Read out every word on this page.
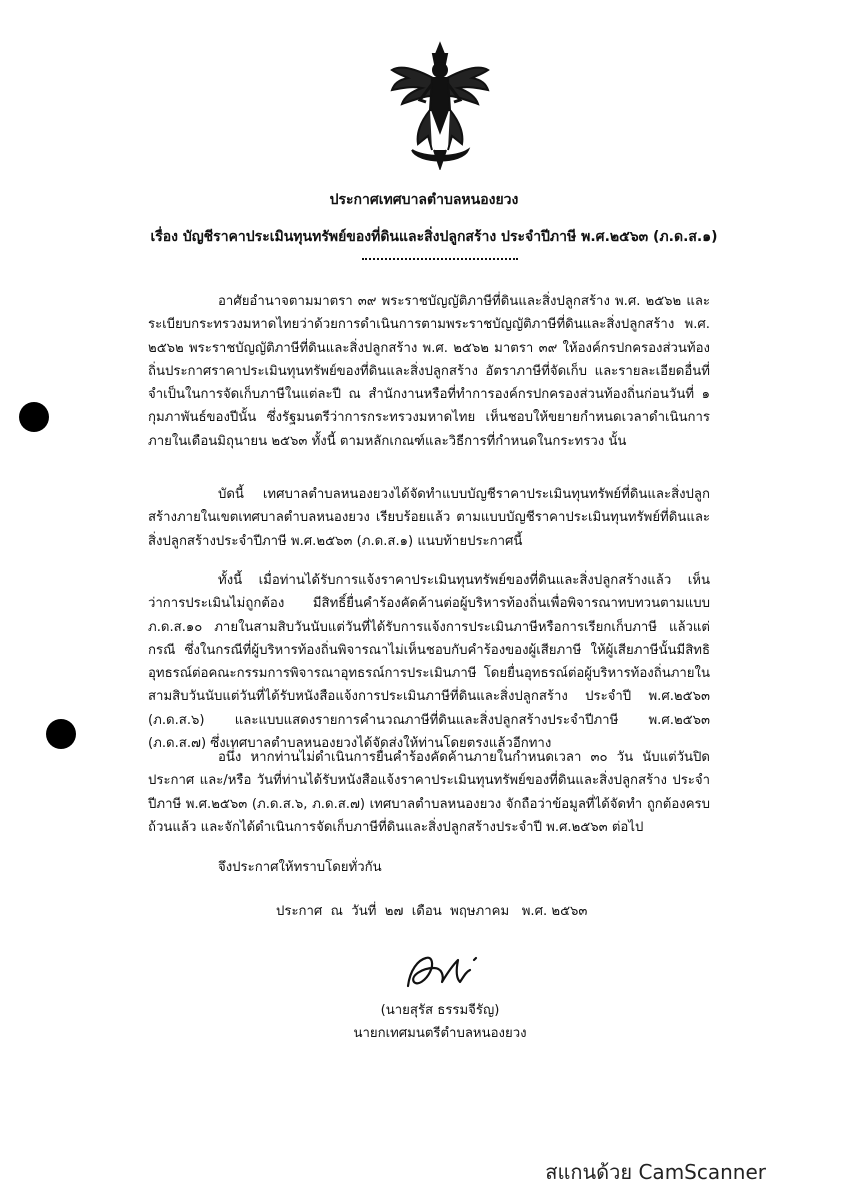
ประกาศเทศบาลตำบลหนองยวง
เรื่อง บัญชีราคาประเมินทุนทรัพย์ของที่ดินและสิ่งปลูกสร้าง ประจำปีภาษี พ.ศ.๒๕๖๓ (ภ.ด.ส.๑)

อาศัยอำนาจตามมาตรา ๓๙ พระราชบัญญัติภาษีที่ดินและสิ่งปลูกสร้าง พ.ศ. ๒๕๖๒ และระเบียบกระทรวงมหาดไทยว่าด้วยการดำเนินการตามพระราชบัญญัติภาษีที่ดินและสิ่งปลูกสร้าง พ.ศ. ๒๕๖๒ พระราชบัญญัติภาษีที่ดินและสิ่งปลูกสร้าง พ.ศ. ๒๕๖๒ มาตรา ๓๙ ให้องค์กรปกครองส่วนท้องถิ่นประกาศราคาประเมินทุนทรัพย์ของที่ดินและสิ่งปลูกสร้าง อัตราภาษีที่จัดเก็บ และรายละเอียดอื่นที่จำเป็นในการจัดเก็บภาษีในแต่ละปี ณ สำนักงานหรือที่ทำการองค์กรปกครองส่วนท้องถิ่นก่อนวันที่ ๑ กุมภาพันธ์ของปีนั้น ซึ่งรัฐมนตรีว่าการกระทรวงมหาดไทย เห็นชอบให้ขยายกำหนดเวลาดำเนินการภายในเดือนมิถุนายน ๒๕๖๓ ทั้งนี้ ตามหลักเกณฑ์และวิธีการที่กำหนดในกระทรวง นั้น

บัดนี้ เทศบาลตำบลหนองยวงได้จัดทำแบบบัญชีราคาประเมินทุนทรัพย์ที่ดินและสิ่งปลูกสร้างภายในเขตเทศบาลตำบลหนองยวง เรียบร้อยแล้ว ตามแบบบัญชีราคาประเมินทุนทรัพย์ที่ดินและสิ่งปลูกสร้างประจำปีภาษี พ.ศ.๒๕๖๓ (ภ.ด.ส.๑) แนบท้ายประกาศนี้

ทั้งนี้ เมื่อท่านได้รับการแจ้งราคาประเมินทุนทรัพย์ของที่ดินและสิ่งปลูกสร้างแล้ว เห็นว่าการประเมินไม่ถูกต้อง มีสิทธิ์ยื่นคำร้องคัดค้านต่อผู้บริหารท้องถิ่นเพื่อพิจารณาทบทวนตามแบบ ภ.ด.ส.๑๐ ภายในสามสิบวันนับแต่วันที่ได้รับการแจ้งการประเมินภาษีหรือการเรียกเก็บภาษี แล้วแต่กรณี ซึ่งในกรณีที่ผู้บริหารท้องถิ่นพิจารณาไม่เห็นชอบกับคำร้องของผู้เสียภาษี ให้ผู้เสียภาษีนั้นมีสิทธิอุทธรณ์ต่อคณะกรรมการพิจารณาอุทธรณ์การประเมินภาษี โดยยื่นอุทธรณ์ต่อผู้บริหารท้องถิ่นภายในสามสิบวันนับแต่วันที่ได้รับหนังสือแจ้งการประเมินภาษีที่ดินและสิ่งปลูกสร้าง ประจำปี พ.ศ.๒๕๖๓ (ภ.ด.ส.๖) และแบบแสดงรายการคำนวณภาษีที่ดินและสิ่งปลูกสร้างประจำปีภาษี พ.ศ.๒๕๖๓ (ภ.ด.ส.๗) ซึ่งเทศบาลตำบลหนองยวงได้จัดส่งให้ท่านโดยตรงแล้วอีกทาง

อนึ่ง หากท่านไม่ดำเนินการยื่นคำร้องคัดค้านภายในกำหนดเวลา ๓๐ วัน นับแต่วันปิดประกาศ และ/หรือ วันที่ท่านได้รับหนังสือแจ้งราคาประเมินทุนทรัพย์ของที่ดินและสิ่งปลูกสร้าง ประจำปีภาษี พ.ศ.๒๕๖๓ (ภ.ด.ส.๖, ภ.ด.ส.๗) เทศบาลตำบลหนองยวง จักถือว่าข้อมูลที่ได้จัดทำ ถูกต้องครบถ้วนแล้ว และจักได้ดำเนินการจัดเก็บภาษีที่ดินและสิ่งปลูกสร้างประจำปี พ.ศ.๒๕๖๓ ต่อไป

จึงประกาศให้ทราบโดยทั่วกัน
ประกาศ  ณ  วันที่  ๒๗  เดือน  พฤษภาคม   พ.ศ. ๒๕๖๓
(นายสุรัส ธรรมจีรัญ)
นายกเทศมนตรีตำบลหนองยวง
สแกนด้วย CamScanner
